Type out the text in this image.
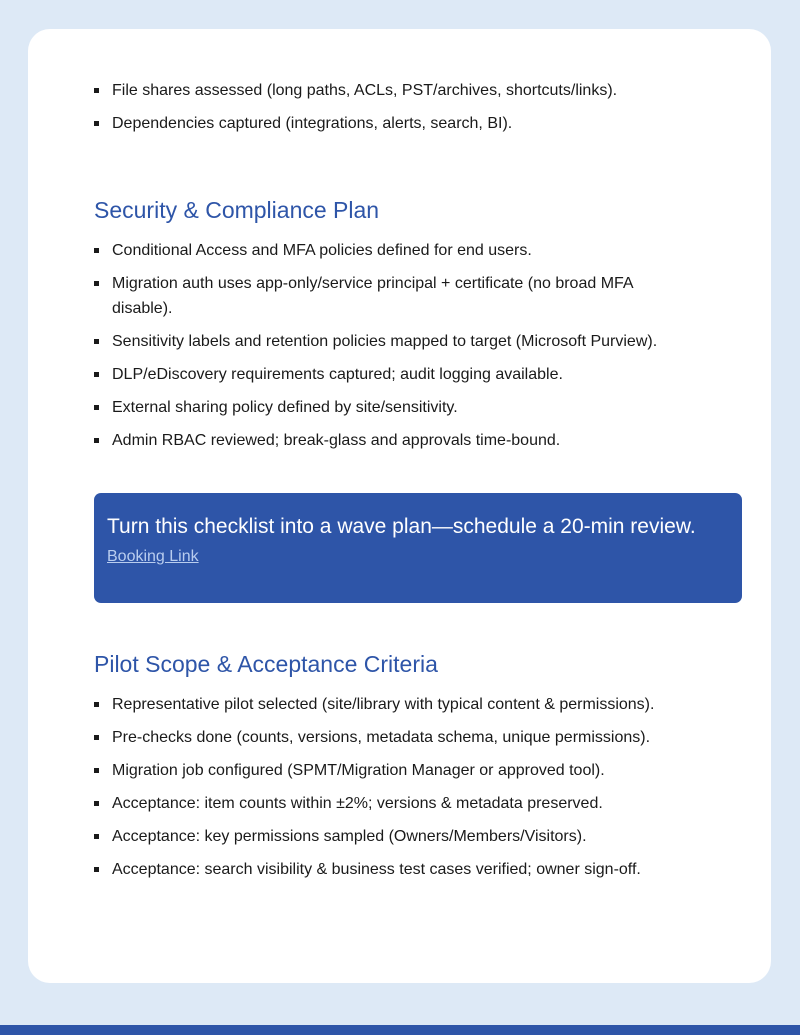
File shares assessed (long paths, ACLs, PST/archives, shortcuts/links).
Dependencies captured (integrations, alerts, search, BI).
Security & Compliance Plan
Conditional Access and MFA policies defined for end users.
Migration auth uses app-only/service principal + certificate (no broad MFA disable).
Sensitivity labels and retention policies mapped to target (Microsoft Purview).
DLP/eDiscovery requirements captured; audit logging available.
External sharing policy defined by site/sensitivity.
Admin RBAC reviewed; break-glass and approvals time-bound.
Turn this checklist into a wave plan—schedule a 20-min review.
Booking Link
Pilot Scope & Acceptance Criteria
Representative pilot selected (site/library with typical content & permissions).
Pre-checks done (counts, versions, metadata schema, unique permissions).
Migration job configured (SPMT/Migration Manager or approved tool).
Acceptance: item counts within ±2%; versions & metadata preserved.
Acceptance: key permissions sampled (Owners/Members/Visitors).
Acceptance: search visibility & business test cases verified; owner sign-off.
